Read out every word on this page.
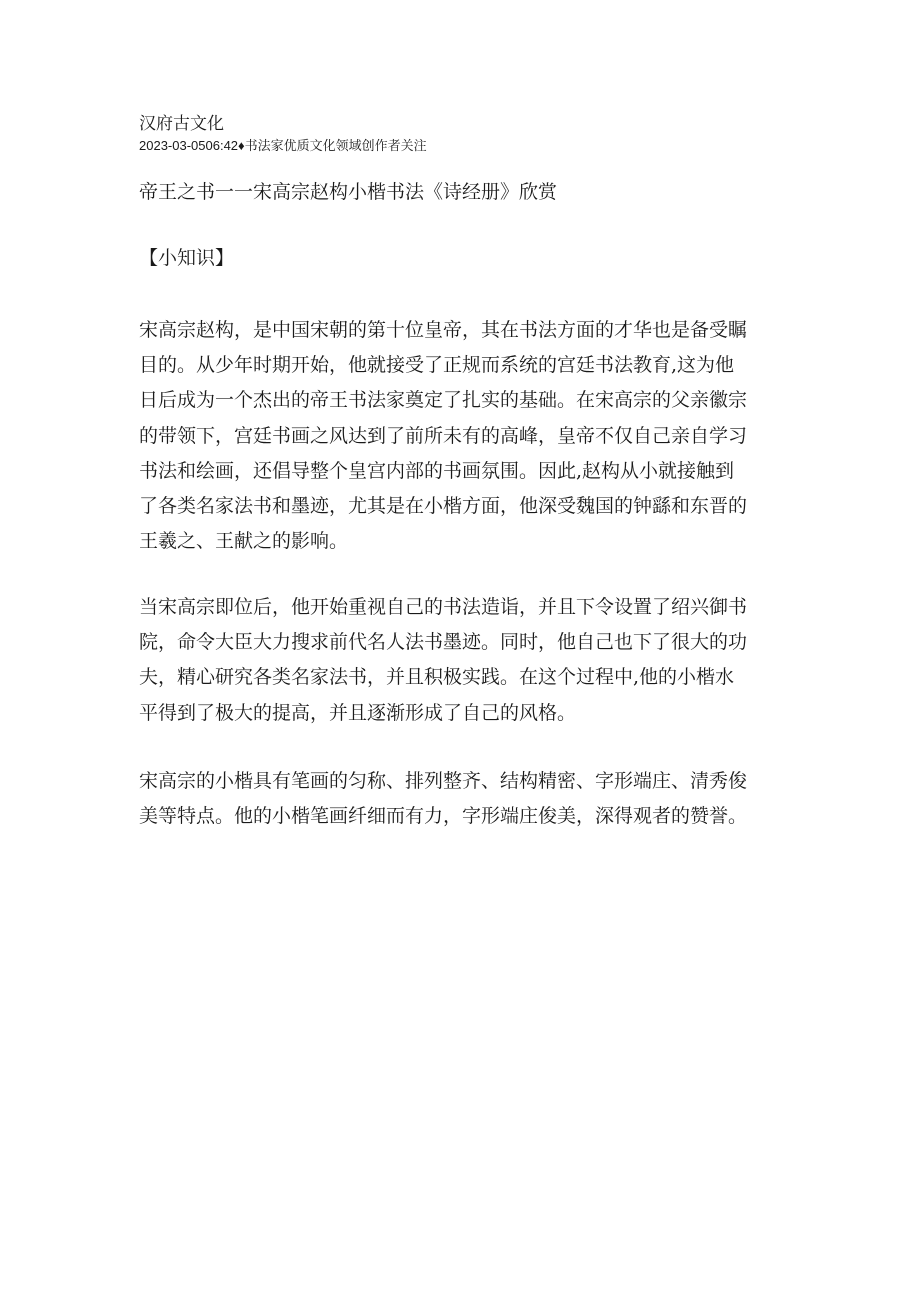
汉府古文化
2023-03-0506:42♦书法家优质文化领域创作者关注
帝王之书一一宋高宗赵构小楷书法《诗经册》欣赏
【小知识】

宋高宗赵构，是中国宋朝的第十位皇帝，其在书法方面的才华也是备受瞩
目的。从少年时期开始，他就接受了正规而系统的宫廷书法教育,这为他
日后成为一个杰出的帝王书法家奠定了扎实的基础。在宋高宗的父亲徽宗
的带领下，宫廷书画之风达到了前所未有的高峰，皇帝不仅自己亲自学习
书法和绘画，还倡导整个皇宫内部的书画氛围。因此,赵构从小就接触到
了各类名家法书和墨迹，尤其是在小楷方面，他深受魏国的钟繇和东晋的
王羲之、王献之的影响。

当宋高宗即位后，他开始重视自己的书法造诣，并且下令设置了绍兴御书
院，命令大臣大力搜求前代名人法书墨迹。同时，他自己也下了很大的功
夫，精心研究各类名家法书，并且积极实践。在这个过程中,他的小楷水
平得到了极大的提高，并且逐渐形成了自己的风格。

宋高宗的小楷具有笔画的匀称、排列整齐、结构精密、字形端庄、清秀俊
美等特点。他的小楷笔画纤细而有力，字形端庄俊美，深得观者的赞誉。
